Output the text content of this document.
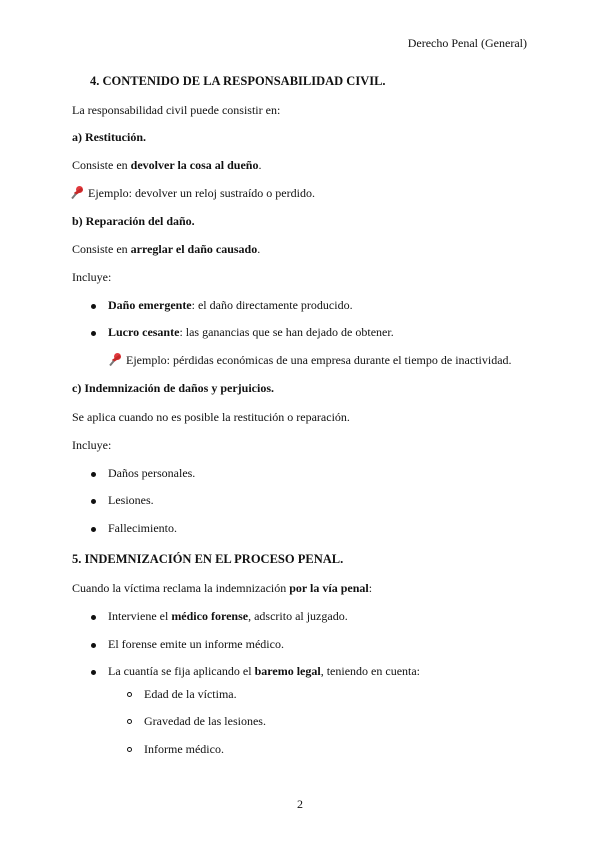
Derecho Penal (General)
4. CONTENIDO DE LA RESPONSABILIDAD CIVIL.
La responsabilidad civil puede consistir en:
a) Restitución.
Consiste en devolver la cosa al dueño.
Ejemplo: devolver un reloj sustraído o perdido.
b) Reparación del daño.
Consiste en arreglar el daño causado.
Incluye:
Daño emergente: el daño directamente producido.
Lucro cesante: las ganancias que se han dejado de obtener.
Ejemplo: pérdidas económicas de una empresa durante el tiempo de inactividad.
c) Indemnización de daños y perjuicios.
Se aplica cuando no es posible la restitución o reparación.
Incluye:
Daños personales.
Lesiones.
Fallecimiento.
5. INDEMNIZACIÓN EN EL PROCESO PENAL.
Cuando la víctima reclama la indemnización por la vía penal:
Interviene el médico forense, adscrito al juzgado.
El forense emite un informe médico.
La cuantía se fija aplicando el baremo legal, teniendo en cuenta:
Edad de la víctima.
Gravedad de las lesiones.
Informe médico.
2
